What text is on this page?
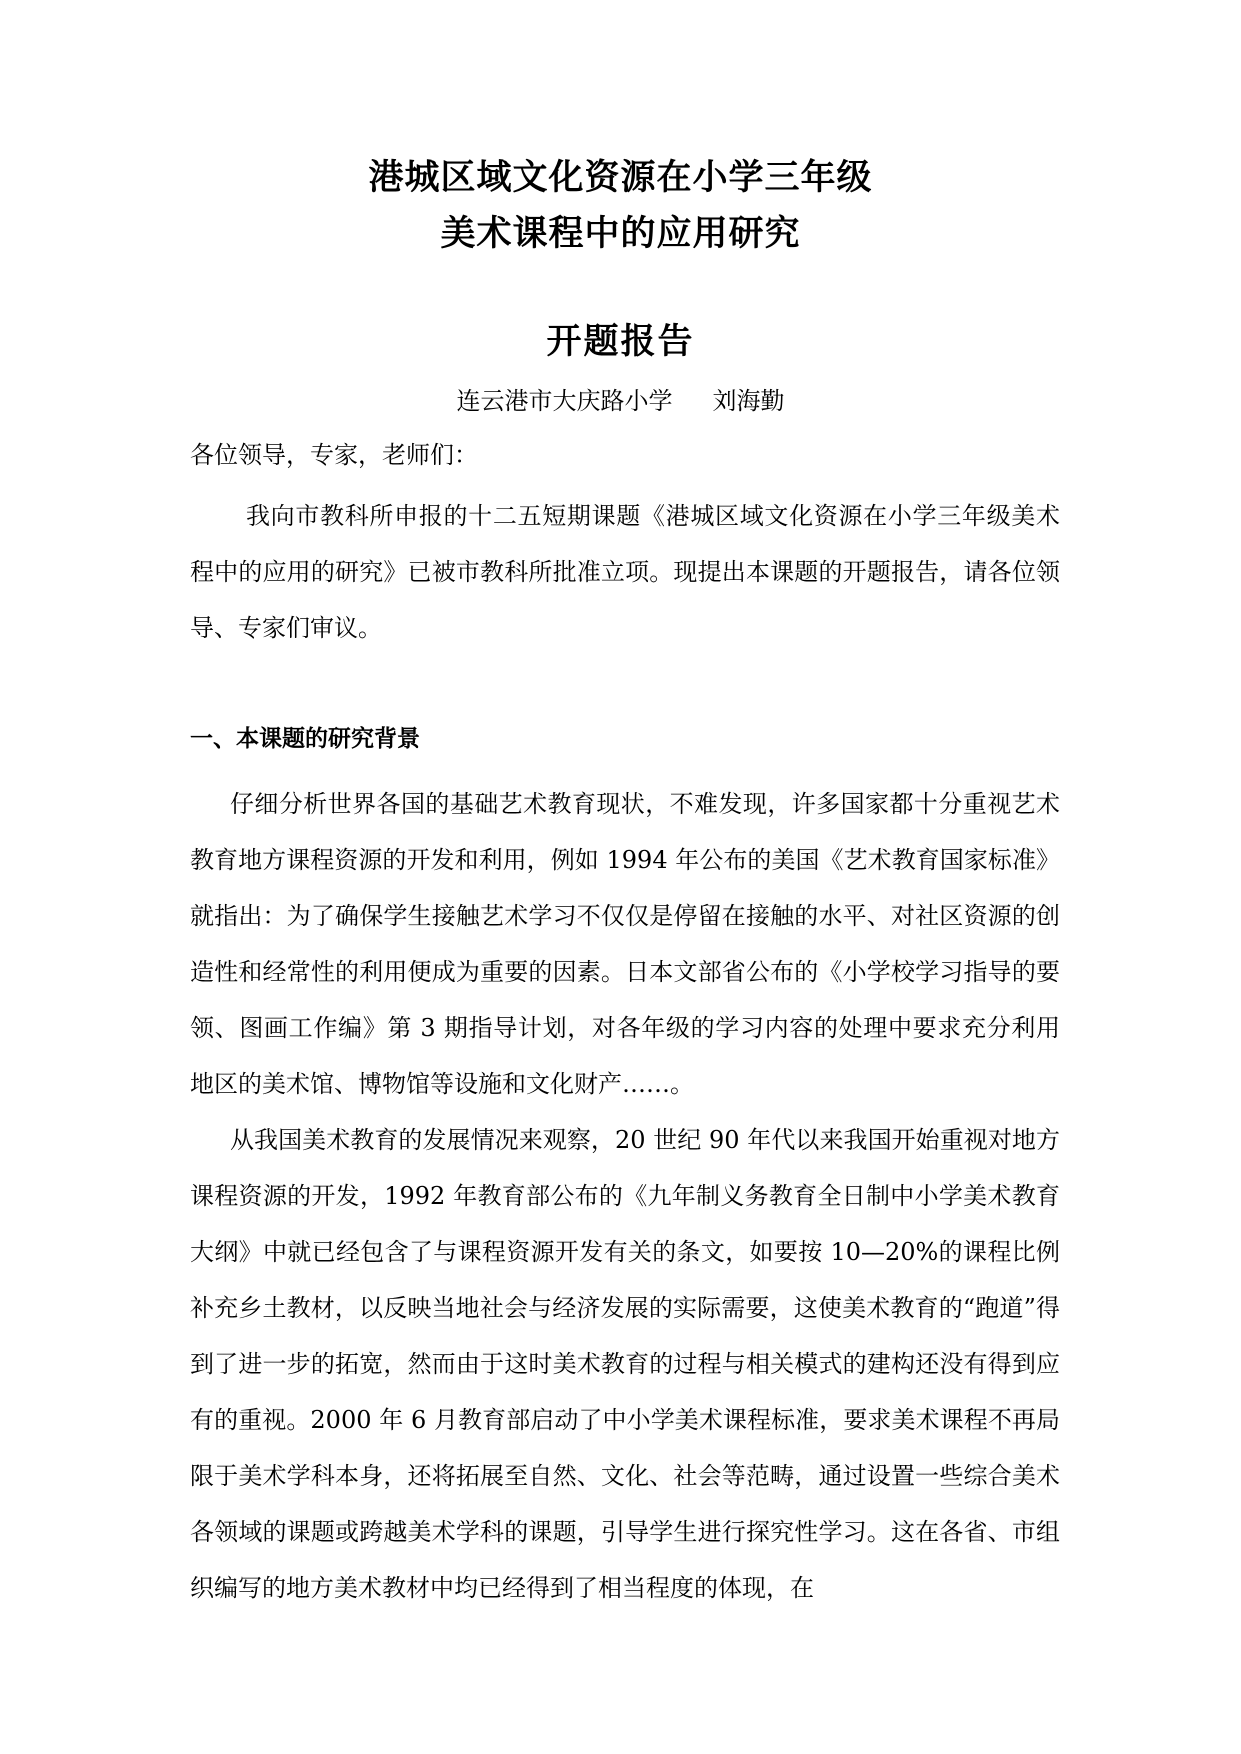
港城区域文化资源在小学三年级
美术课程中的应用研究
开题报告
连云港市大庆路小学 刘海勤
各位领导，专家，老师们：
我向市教科所申报的十二五短期课题《港城区域文化资源在小学三年级美术程中的应用的研究》已被市教科所批准立项。现提出本课题的开题报告，请各位领导、专家们审议。
一、本课题的研究背景
仔细分析世界各国的基础艺术教育现状，不难发现，许多国家都十分重视艺术教育地方课程资源的开发和利用，例如 1994 年公布的美国《艺术教育国家标准》就指出：为了确保学生接触艺术学习不仅仅是停留在接触的水平、对社区资源的创造性和经常性的利用便成为重要的因素。日本文部省公布的《小学校学习指导的要领、图画工作编》第 3 期指导计划，对各年级的学习内容的处理中要求充分利用地区的美术馆、博物馆等设施和文化财产……。
从我国美术教育的发展情况来观察，20 世纪 90 年代以来我国开始重视对地方课程资源的开发，1992 年教育部公布的《九年制义务教育全日制中小学美术教育大纲》中就已经包含了与课程资源开发有关的条文，如要按 10—20%的课程比例补充乡土教材，以反映当地社会与经济发展的实际需要，这使美术教育的“跑道”得到了进一步的拓宽，然而由于这时美术教育的过程与相关模式的建构还没有得到应有的重视。2000 年 6 月教育部启动了中小学美术课程标准，要求美术课程不再局限于美术学科本身，还将拓展至自然、文化、社会等范畴，通过设置一些综合美术各领域的课题或跨越美术学科的课题，引导学生进行探究性学习。这在各省、市组织编写的地方美术教材中均已经得到了相当程度的体现，在
